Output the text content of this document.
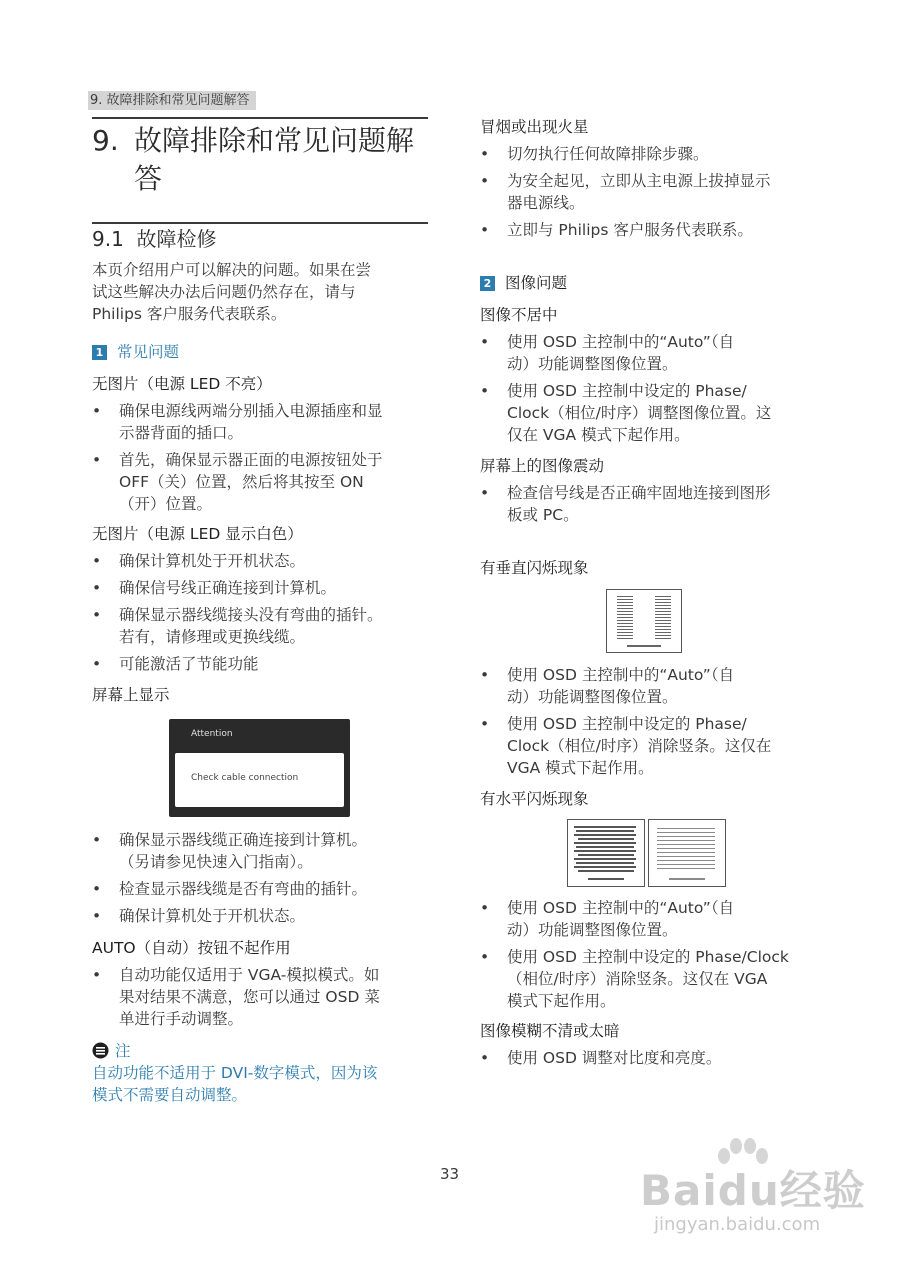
9. 故障排除和常见问题解答
9. 故障排除和常见问题解
答
9.1 故障检修
本页介绍用户可以解决的问题。如果在尝
试这些解决办法后问题仍然存在，请与
Philips 客户服务代表联系。
1 常见问题
无图片（电源 LED 不亮）
• 确保电源线两端分别插入电源插座和显
示器背面的插口。
• 首先，确保显示器正面的电源按钮处于
OFF（关）位置，然后将其按至 ON
（开）位置。
无图片（电源 LED 显示白色）
• 确保计算机处于开机状态。
• 确保信号线正确连接到计算机。
• 确保显示器线缆接头没有弯曲的插针。
若有，请修理或更换线缆。
• 可能激活了节能功能
屏幕上显示
Attention
Check cable connection
• 确保显示器线缆正确连接到计算机。
（另请参见快速入门指南）。
• 检查显示器线缆是否有弯曲的插针。
• 确保计算机处于开机状态。
AUTO（自动）按钮不起作用
• 自动功能仅适用于 VGA-模拟模式。如
果对结果不满意，您可以通过 OSD 菜
单进行手动调整。
注
自动功能不适用于 DVI-数字模式，因为该
模式不需要自动调整。
冒烟或出现火星
• 切勿执行任何故障排除步骤。
• 为安全起见，立即从主电源上拔掉显示
器电源线。
• 立即与 Philips 客户服务代表联系。
2 图像问题
图像不居中
• 使用 OSD 主控制中的“Auto”（自
动）功能调整图像位置。
• 使用 OSD 主控制中设定的 Phase/
Clock（相位/时序）调整图像位置。这
仅在 VGA 模式下起作用。
屏幕上的图像震动
• 检查信号线是否正确牢固地连接到图形
板或 PC。
有垂直闪烁现象
• 使用 OSD 主控制中的“Auto”（自
动）功能调整图像位置。
• 使用 OSD 主控制中设定的 Phase/
Clock（相位/时序）消除竖条。这仅在
VGA 模式下起作用。
有水平闪烁现象
• 使用 OSD 主控制中的“Auto”（自
动）功能调整图像位置。
• 使用 OSD 主控制中设定的 Phase/Clock
（相位/时序）消除竖条。这仅在 VGA
模式下起作用。
图像模糊不清或太暗
• 使用 OSD 调整对比度和亮度。
33	Baidu经验
jingyan.baidu.com
